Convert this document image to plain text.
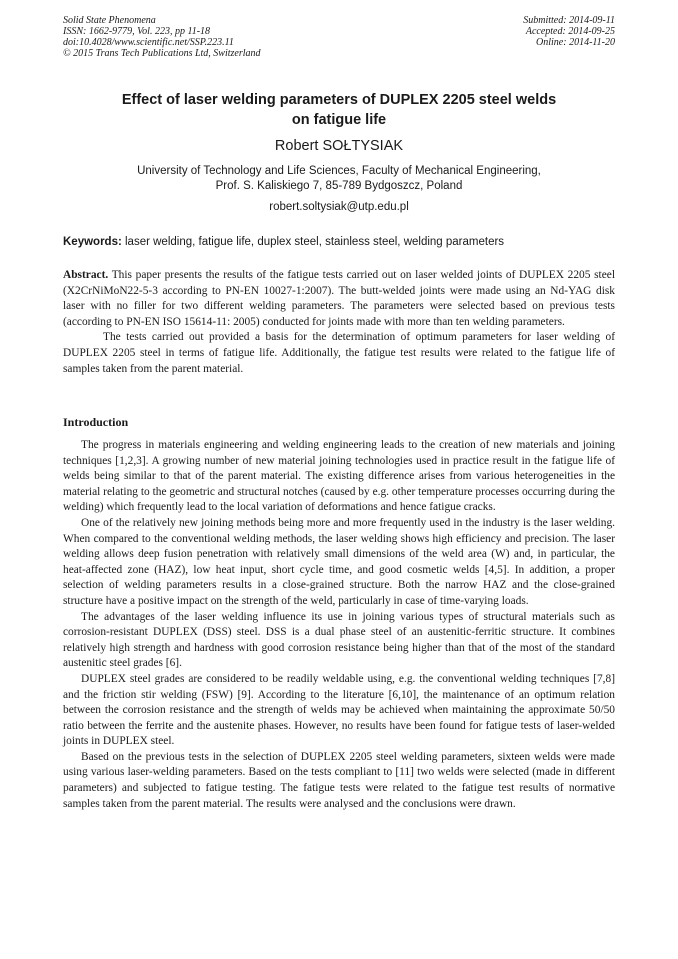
Solid State Phenomena
ISSN: 1662-9779, Vol. 223, pp 11-18
doi:10.4028/www.scientific.net/SSP.223.11
© 2015 Trans Tech Publications Ltd, Switzerland
Submitted: 2014-09-11
Accepted: 2014-09-25
Online: 2014-11-20
Effect of laser welding parameters of DUPLEX 2205 steel welds
on fatigue life
Robert SOŁTYSIAK
University of Technology and Life Sciences, Faculty of Mechanical Engineering,
Prof. S. Kaliskiego 7, 85-789 Bydgoszcz, Poland
robert.soltysiak@utp.edu.pl
Keywords: laser welding, fatigue life, duplex steel, stainless steel, welding parameters

Abstract. This paper presents the results of the fatigue tests carried out on laser welded joints of DUPLEX 2205 steel (X2CrNiMoN22-5-3 according to PN-EN 10027-1:2007). The butt-welded joints were made using an Nd-YAG disk laser with no filler for two different welding parameters. The parameters were selected based on previous tests (according to PN-EN ISO 15614-11: 2005) conducted for joints made with more than ten welding parameters.

The tests carried out provided a basis for the determination of optimum parameters for laser welding of DUPLEX 2205 steel in terms of fatigue life. Additionally, the fatigue test results were related to the fatigue life of samples taken from the parent material.

Introduction

The progress in materials engineering and welding engineering leads to the creation of new materials and joining techniques [1,2,3]. A growing number of new material joining technologies used in practice result in the fatigue life of welds being similar to that of the parent material. The existing difference arises from various heterogeneities in the material relating to the geometric and structural notches (caused by e.g. other temperature processes occurring during the welding) which frequently lead to the local variation of deformations and hence fatigue cracks.

One of the relatively new joining methods being more and more frequently used in the industry is the laser welding. When compared to the conventional welding methods, the laser welding shows high efficiency and precision. The laser welding allows deep fusion penetration with relatively small dimensions of the weld area (W) and, in particular, the heat-affected zone (HAZ), low heat input, short cycle time, and good cosmetic welds [4,5]. In addition, a proper selection of welding parameters results in a close-grained structure. Both the narrow HAZ and the close-grained structure have a positive impact on the strength of the weld, particularly in case of time-varying loads.

The advantages of the laser welding influence its use in joining various types of structural materials such as corrosion-resistant DUPLEX (DSS) steel. DSS is a dual phase steel of an austenitic-ferritic structure. It combines relatively high strength and hardness with good corrosion resistance being higher than that of the most of the standard austenitic steel grades [6].

DUPLEX steel grades are considered to be readily weldable using, e.g. the conventional welding techniques [7,8] and the friction stir welding (FSW) [9]. According to the literature [6,10], the maintenance of an optimum relation between the corrosion resistance and the strength of welds may be achieved when maintaining the approximate 50/50 ratio between the ferrite and the austenite phases. However, no results have been found for fatigue tests of laser-welded joints in DUPLEX steel.

Based on the previous tests in the selection of DUPLEX 2205 steel welding parameters, sixteen welds were made using various laser-welding parameters. Based on the tests compliant to [11] two welds were selected (made in different parameters) and subjected to fatigue testing. The fatigue tests were related to the fatigue test results of normative samples taken from the parent material. The results were analysed and the conclusions were drawn.
